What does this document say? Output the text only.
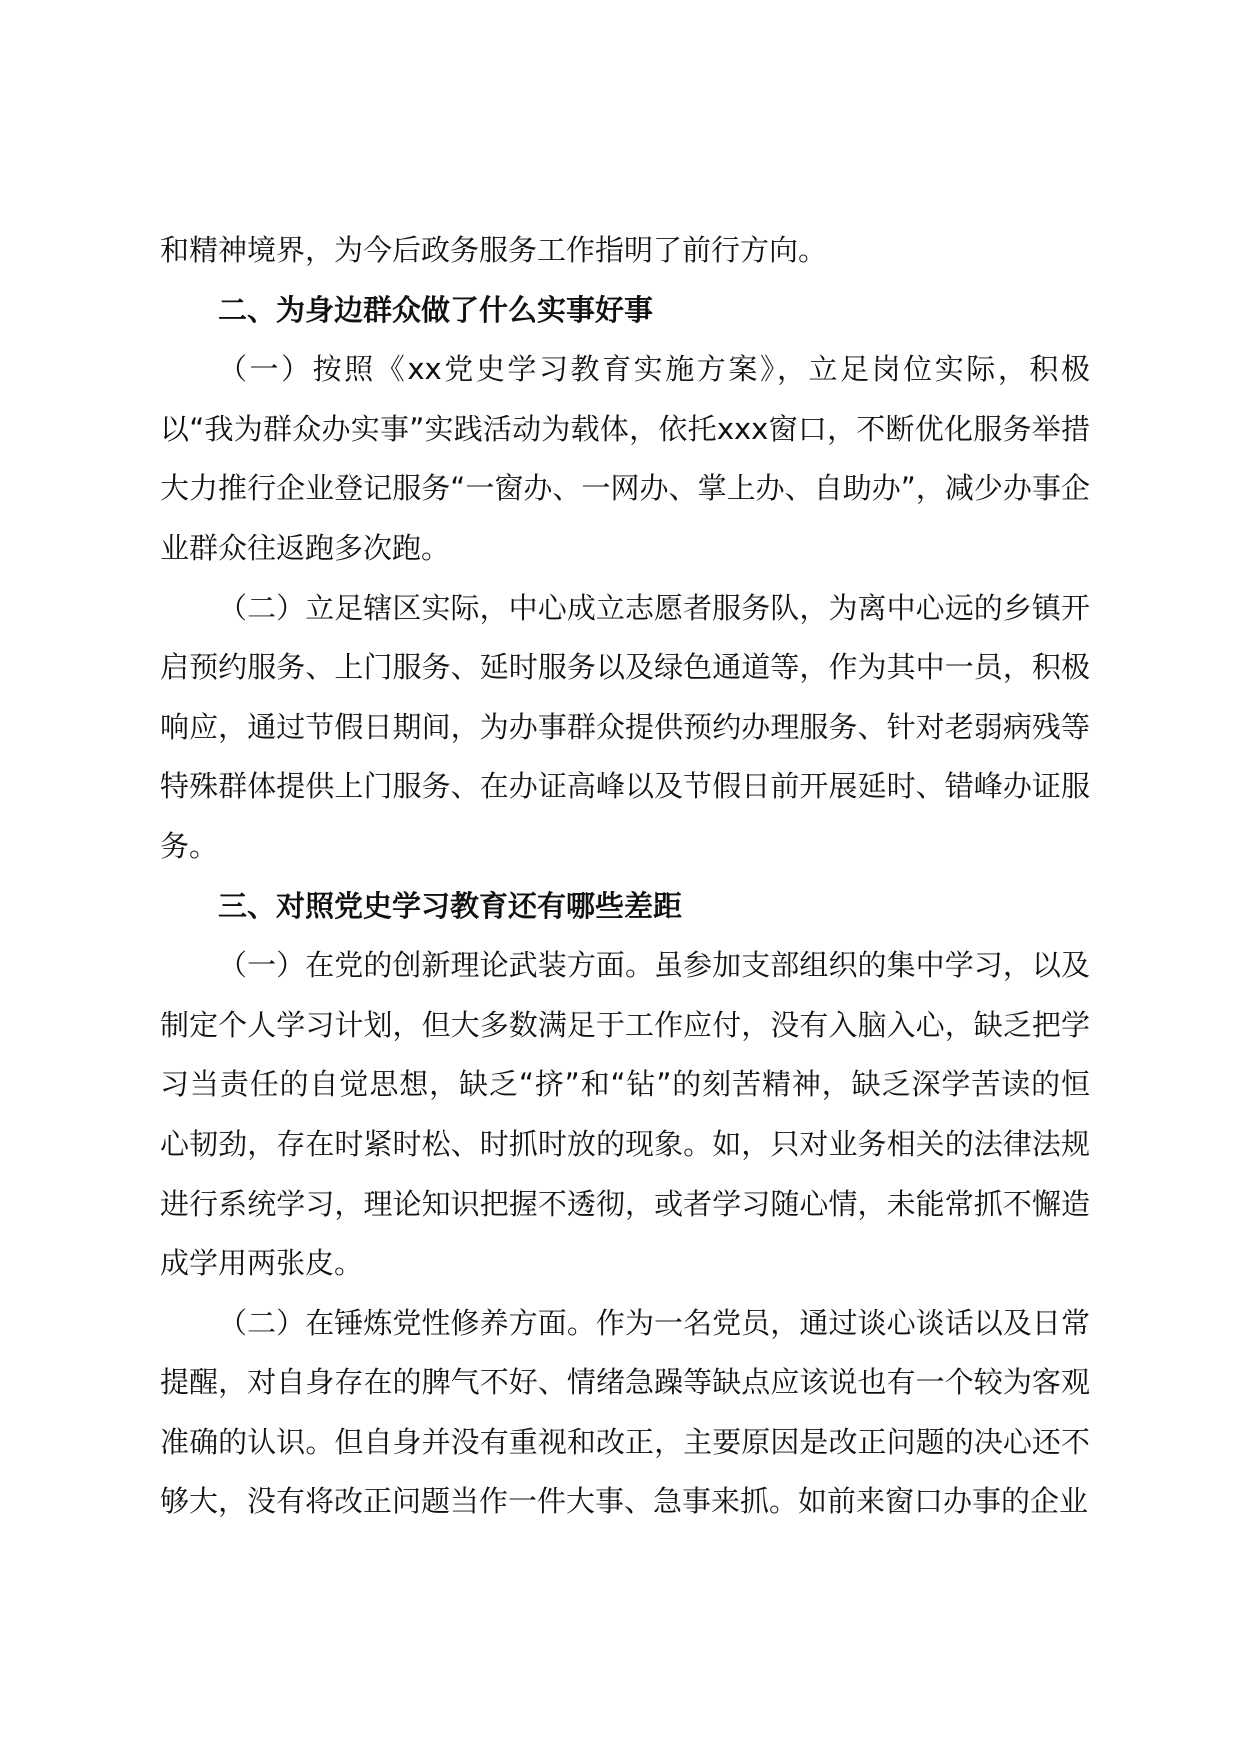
和精神境界，为今后政务服务工作指明了前行方向。

二、为身边群众做了什么实事好事

（一）按照《xx党史学习教育实施方案》，立足岗位实际，积极以“我为群众办实事”实践活动为载体，依托xxx窗口，不断优化服务举措大力推行企业登记服务“一窗办、一网办、掌上办、自助办”，减少办事企业群众往返跑多次跑。

（二）立足辖区实际，中心成立志愿者服务队，为离中心远的乡镇开启预约服务、上门服务、延时服务以及绿色通道等，作为其中一员，积极响应，通过节假日期间，为办事群众提供预约办理服务、针对老弱病残等特殊群体提供上门服务、在办证高峰以及节假日前开展延时、错峰办证服务。

三、对照党史学习教育还有哪些差距

（一）在党的创新理论武装方面。虽参加支部组织的集中学习，以及制定个人学习计划，但大多数满足于工作应付，没有入脑入心，缺乏把学习当责任的自觉思想，缺乏“挤”和“钻”的刻苦精神，缺乏深学苦读的恒心韧劲，存在时紧时松、时抓时放的现象。如，只对业务相关的法律法规进行系统学习，理论知识把握不透彻，或者学习随心情，未能常抓不懈造成学用两张皮。

（二）在锤炼党性修养方面。作为一名党员，通过谈心谈话以及日常提醒，对自身存在的脾气不好、情绪急躁等缺点应该说也有一个较为客观准确的认识。但自身并没有重视和改正，主要原因是改正问题的决心还不够大，没有将改正问题当作一件大事、急事来抓。如前来窗口办事的企业
